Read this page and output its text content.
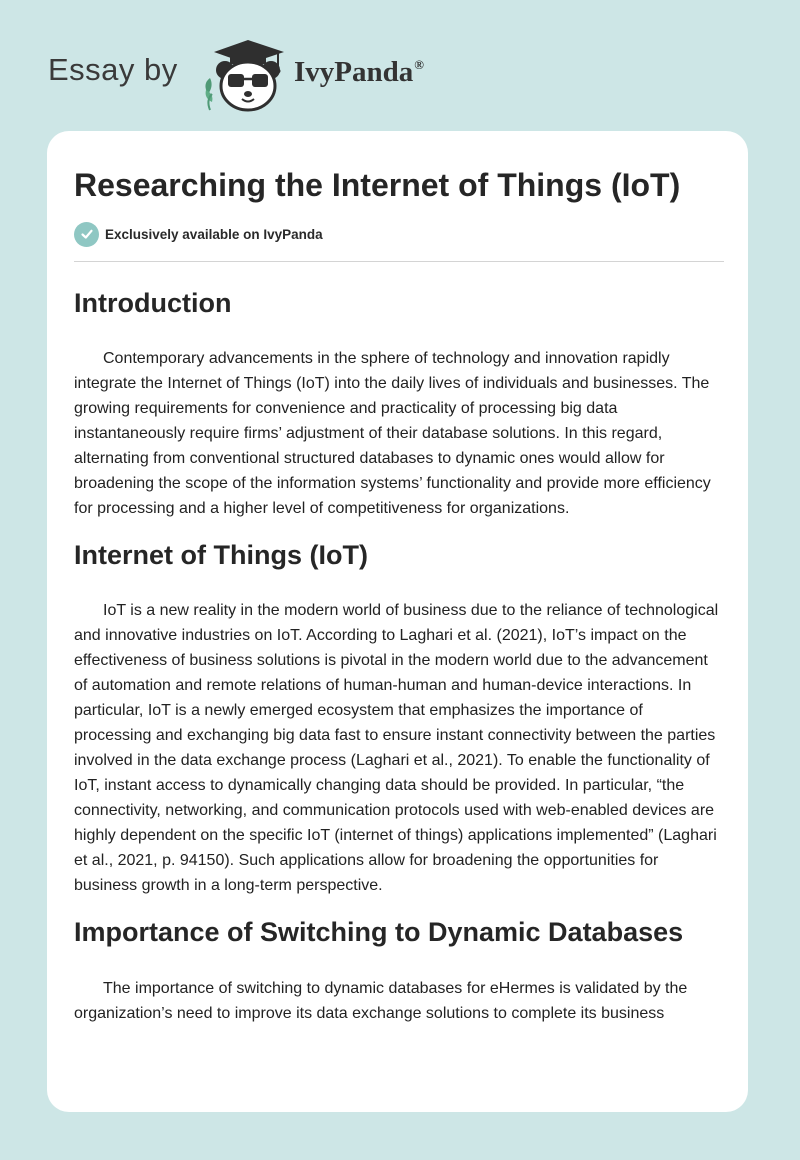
Essay by	IvyPanda®
Researching the Internet of Things (IoT)
Exclusively available on IvyPanda
Introduction

Contemporary advancements in the sphere of technology and innovation rapidly integrate the Internet of Things (IoT) into the daily lives of individuals and businesses. The growing requirements for convenience and practicality of processing big data instantaneously require firms’ adjustment of their database solutions. In this regard, alternating from conventional structured databases to dynamic ones would allow for broadening the scope of the information systems’ functionality and provide more efficiency for processing and a higher level of competitiveness for organizations.

Internet of Things (IoT)

IoT is a new reality in the modern world of business due to the reliance of technological and innovative industries on IoT. According to Laghari et al. (2021), IoT’s impact on the effectiveness of business solutions is pivotal in the modern world due to the advancement of automation and remote relations of human-human and human-device interactions. In particular, IoT is a newly emerged ecosystem that emphasizes the importance of processing and exchanging big data fast to ensure instant connectivity between the parties involved in the data exchange process (Laghari et al., 2021). To enable the functionality of IoT, instant access to dynamically changing data should be provided. In particular, “the connectivity, networking, and communication protocols used with web-enabled devices are highly dependent on the specific IoT (internet of things) applications implemented” (Laghari et al., 2021, p. 94150). Such applications allow for broadening the opportunities for business growth in a long-term perspective.

Importance of Switching to Dynamic Databases

The importance of switching to dynamic databases for eHermes is validated by the organization’s need to improve its data exchange solutions to complete its business
